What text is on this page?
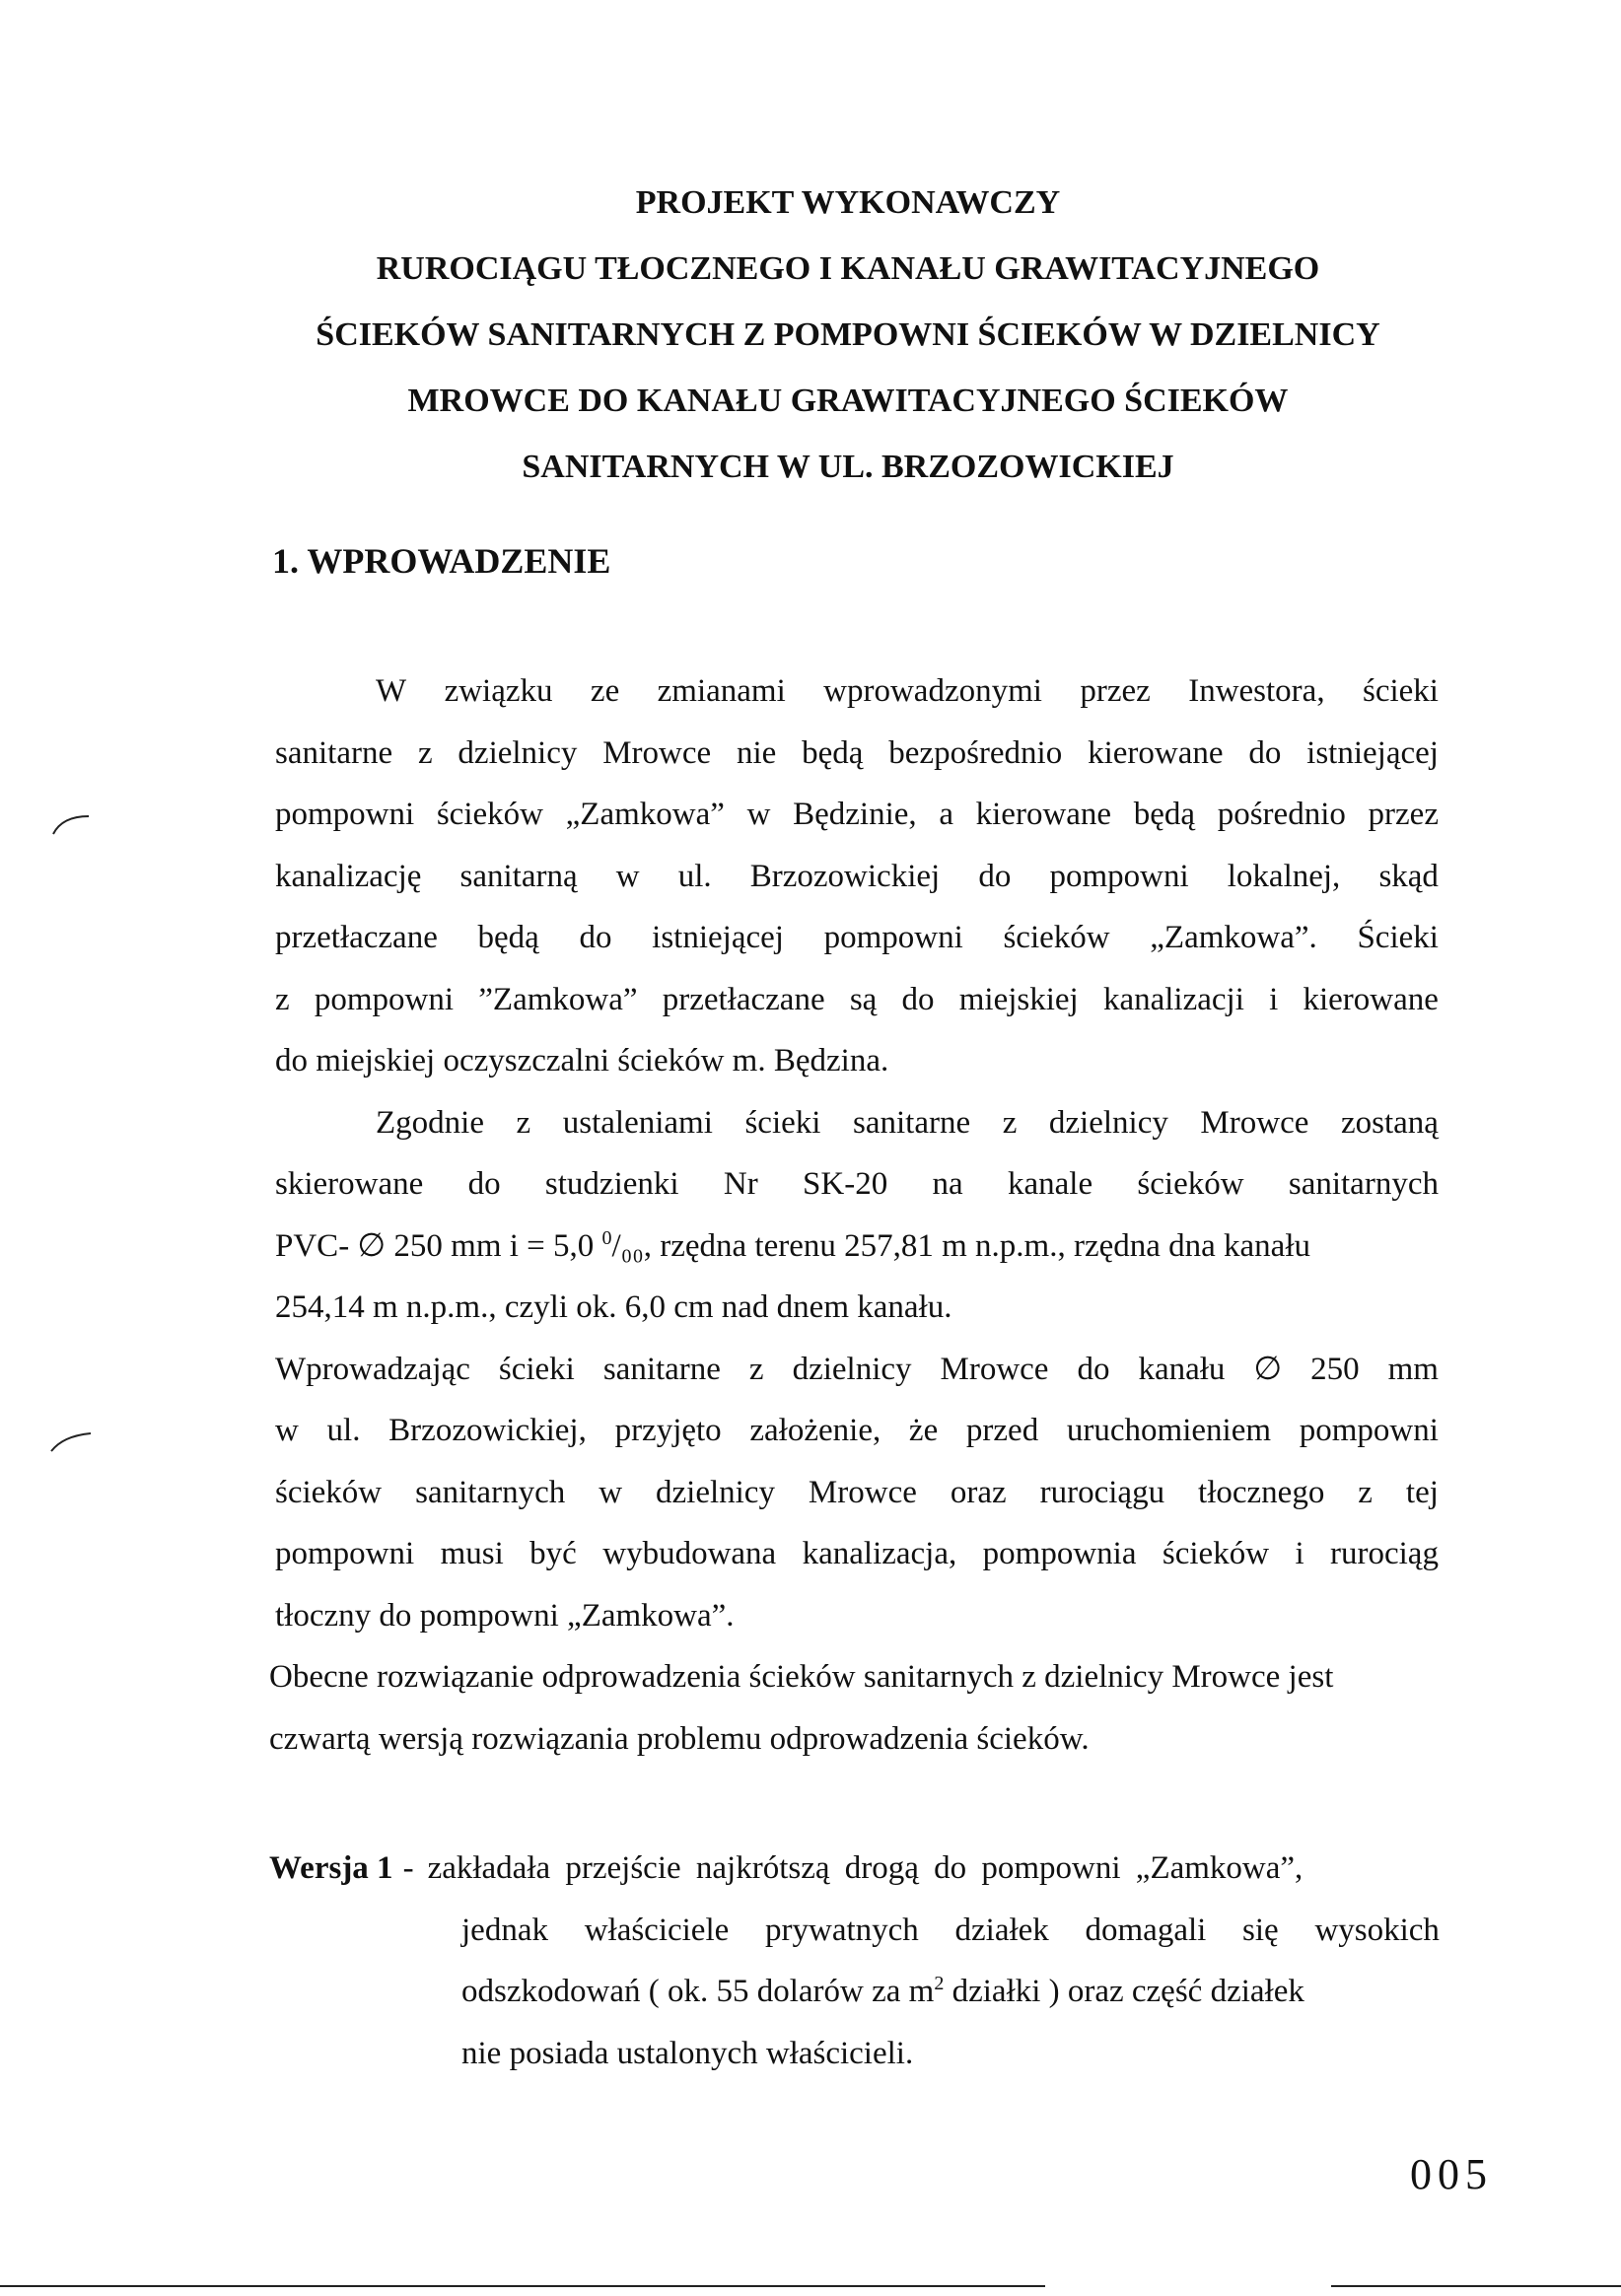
PROJEKT WYKONAWCZY
RUROCIĄGU TŁOCZNEGO I KANAŁU GRAWITACYJNEGO
ŚCIEKÓW SANITARNYCH Z POMPOWNI ŚCIEKÓW W DZIELNICY
MROWCE DO KANAŁU GRAWITACYJNEGO ŚCIEKÓW
SANITARNYCH W UL. BRZOZOWICKIEJ
1. WPROWADZENIE
W związku ze zmianami wprowadzonymi przez Inwestora, ścieki
sanitarne z dzielnicy Mrowce nie będą bezpośrednio kierowane do istniejącej
pompowni ścieków „Zamkowa” w Będzinie, a kierowane będą pośrednio przez
kanalizację sanitarną w ul. Brzozowickiej do pompowni lokalnej, skąd
przetłaczane będą do istniejącej pompowni ścieków „Zamkowa”. Ścieki
z pompowni ”Zamkowa” przetłaczane są do miejskiej kanalizacji i kierowane
do miejskiej oczyszczalni ścieków m. Będzina.
Zgodnie z ustaleniami ścieki sanitarne z dzielnicy Mrowce zostaną
skierowane do studzienki Nr SK-20 na kanale ścieków sanitarnych
PVC- ∅ 250 mm i = 5,0 $^0$/₀₀, rzędna terenu 257,81 m n.p.m., rzędna dna kanału
254,14 m n.p.m., czyli ok. 6,0 cm nad dnem kanału.
Wprowadzając ścieki sanitarne z dzielnicy Mrowce do kanału ∅ 250 mm
w ul. Brzozowickiej, przyjęto założenie, że przed uruchomieniem pompowni
ścieków sanitarnych w dzielnicy Mrowce oraz rurociągu tłocznego z tej
pompowni musi być wybudowana kanalizacja, pompownia ścieków i rurociąg
tłoczny do pompowni „Zamkowa”.
Obecne rozwiązanie odprowadzenia ścieków sanitarnych z dzielnicy Mrowce jest
czwartą wersją rozwiązania problemu odprowadzenia ścieków.
Wersja 1 - zakładała przejście najkrótszą drogą do pompowni „Zamkowa”,
jednak właściciele prywatnych działek domagali się wysokich
odszkodowań ( ok. 55 dolarów za $m^2$ działki ) oraz część działek
nie posiada ustalonych właścicieli.
005
